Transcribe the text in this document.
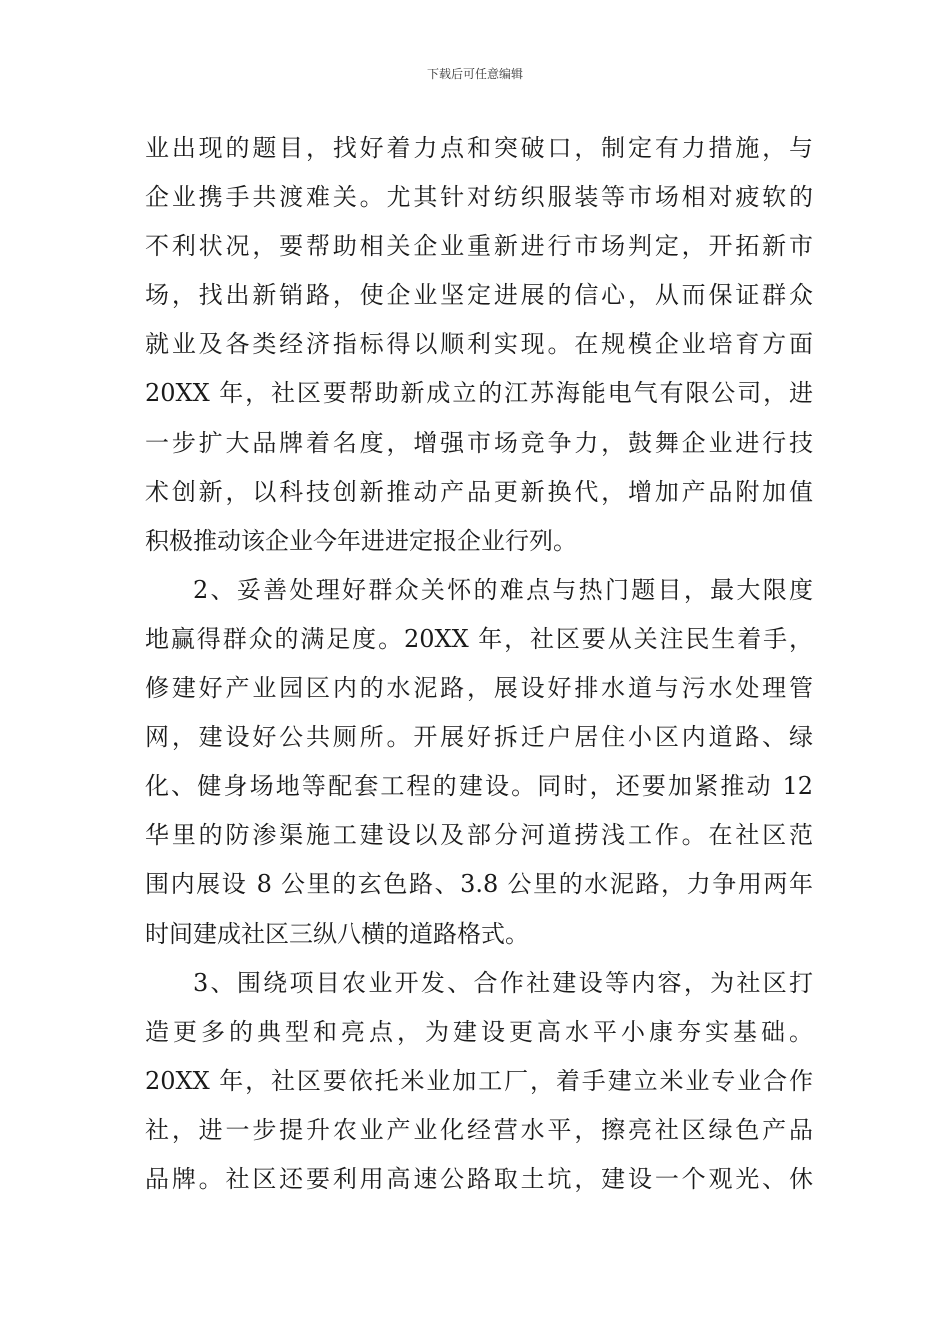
下载后可任意编辑
业出现的题目，找好着力点和突破口，制定有力措施，与
企业携手共渡难关。尤其针对纺织服装等市场相对疲软的
不利状况，要帮助相关企业重新进行市场判定，开拓新市
场，找出新销路，使企业坚定进展的信心，从而保证群众
就业及各类经济指标得以顺利实现。在规模企业培育方面
20XX 年，社区要帮助新成立的江苏海能电气有限公司，进
一步扩大品牌着名度，增强市场竞争力，鼓舞企业进行技
术创新，以科技创新推动产品更新换代，增加产品附加值
积极推动该企业今年进进定报企业行列。
2、妥善处理好群众关怀的难点与热门题目，最大限度
地赢得群众的满足度。20XX 年，社区要从关注民生着手，
修建好产业园区内的水泥路，展设好排水道与污水处理管
网，建设好公共厕所。开展好拆迁户居住小区内道路、绿
化、健身场地等配套工程的建设。同时，还要加紧推动 12
华里的防渗渠施工建设以及部分河道捞浅工作。在社区范
围内展设 8 公里的玄色路、3.8 公里的水泥路，力争用两年
时间建成社区三纵八横的道路格式。
3、围绕项目农业开发、合作社建设等内容，为社区打
造更多的典型和亮点，为建设更高水平小康夯实基础。
20XX 年，社区要依托米业加工厂，着手建立米业专业合作
社，进一步提升农业产业化经营水平，擦亮社区绿色产品
品牌。社区还要利用高速公路取土坑，建设一个观光、休
